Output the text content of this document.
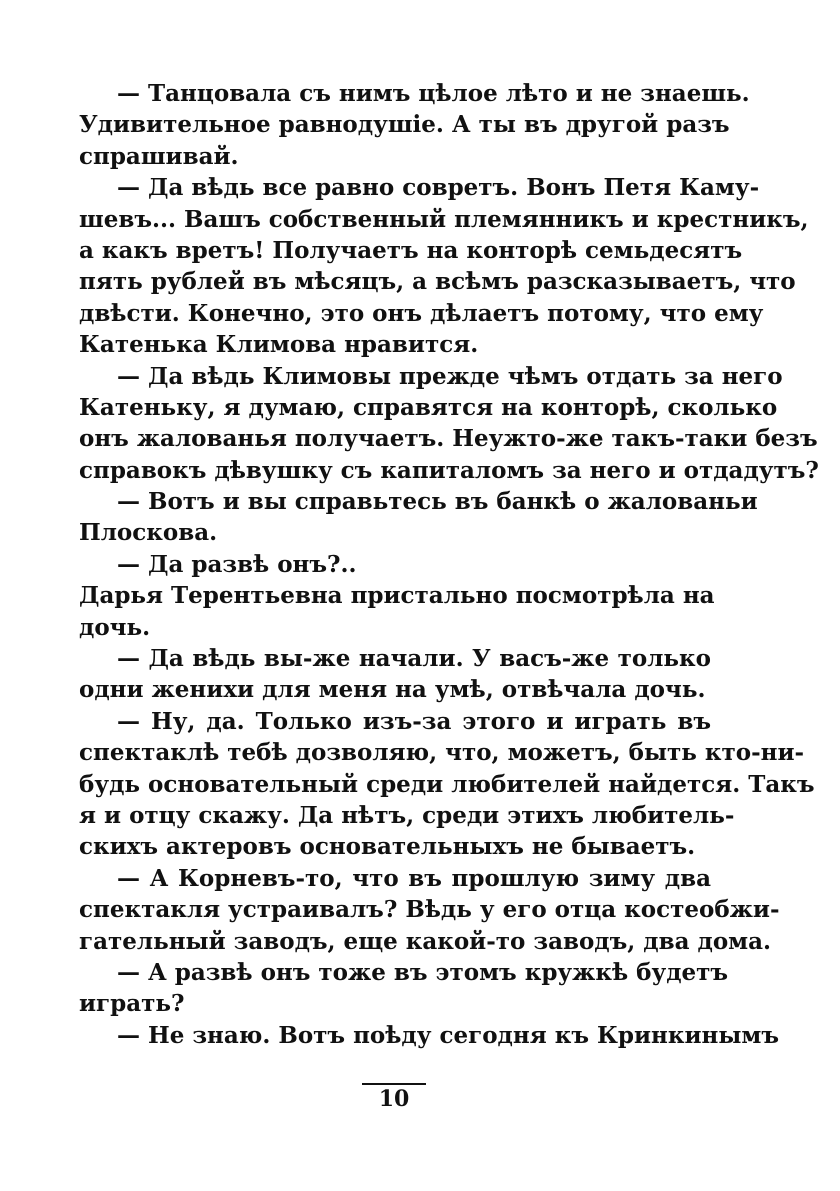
— Танцовала съ нимъ цѣлое лѣто и не знаешь.
Удивительное равнодушіе. А ты въ другой разъ
спрашивай.
— Да вѣдь все равно совретъ. Вонъ Петя Каму-
шевъ... Вашъ собственный племянникъ и крестникъ,
а какъ вретъ! Получаетъ на конторѣ семьдесятъ
пять рублей въ мѣсяцъ, а всѣмъ разсказываетъ, что
двѣсти. Конечно, это онъ дѣлаетъ потому, что ему
Катенька Климова нравится.
— Да вѣдь Климовы прежде чѣмъ отдать за него
Катеньку, я думаю, справятся на конторѣ, сколько
онъ жалованья получаетъ. Неужто-же такъ-таки безъ
справокъ дѣвушку съ капиталомъ за него и отдадутъ?
— Вотъ и вы справьтесь въ банкѣ о жалованьи
Плоскова.
— Да развѣ онъ?..
Дарья Терентьевна пристально посмотрѣла на
дочь.
— Да вѣдь вы-же начали. У васъ-же только
одни женихи для меня на умѣ, отвѣчала дочь.
— Ну, да. Только изъ-за этого и играть въ
спектаклѣ тебѣ дозволяю, что, можетъ, быть кто-ни-
будь основательный среди любителей найдется. Такъ
я и отцу скажу. Да нѣтъ, среди этихъ любитель-
скихъ актеровъ основательныхъ не бываетъ.
— А Корневъ-то, что въ прошлую зиму два
спектакля устраивалъ? Вѣдь у его отца костеобжи-
гательный заводъ, еще какой-то заводъ, два дома.
— А развѣ онъ тоже въ этомъ кружкѣ будетъ
играть?
— Не знаю. Вотъ поѣду сегодня къ Кринкинымъ
10
